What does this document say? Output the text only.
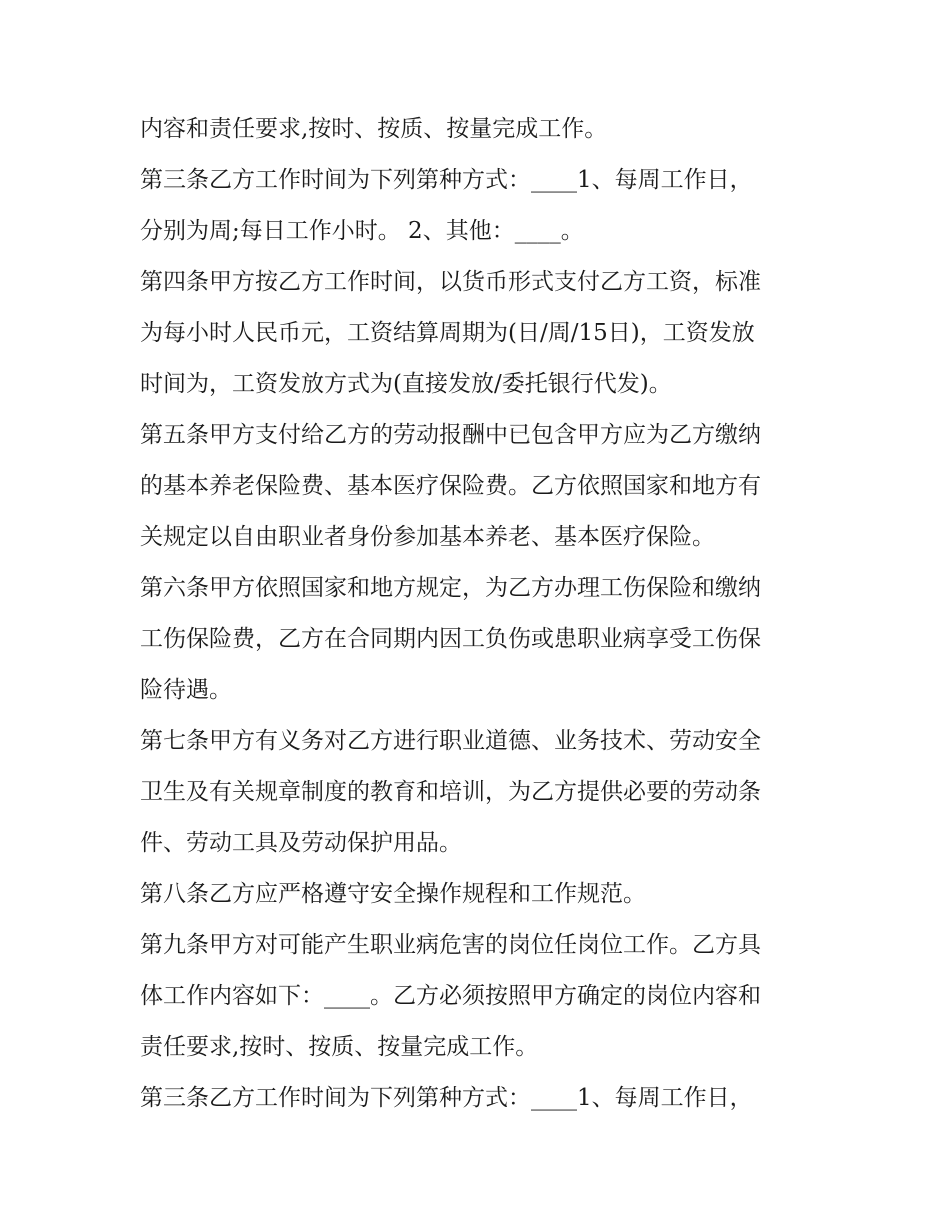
内容和责任要求,按时、按质、按量完成工作。
第三条乙方工作时间为下列第种方式：____1、每周工作日，
分别为周;每日工作小时。 2、其他：____。
第四条甲方按乙方工作时间，以货币形式支付乙方工资，标准
为每小时人民币元，工资结算周期为(日/周/15日)，工资发放
时间为，工资发放方式为(直接发放/委托银行代发)。
第五条甲方支付给乙方的劳动报酬中已包含甲方应为乙方缴纳
的基本养老保险费、基本医疗保险费。乙方依照国家和地方有
关规定以自由职业者身份参加基本养老、基本医疗保险。
第六条甲方依照国家和地方规定，为乙方办理工伤保险和缴纳
工伤保险费，乙方在合同期内因工负伤或患职业病享受工伤保
险待遇。
第七条甲方有义务对乙方进行职业道德、业务技术、劳动安全
卫生及有关规章制度的教育和培训，为乙方提供必要的劳动条
件、劳动工具及劳动保护用品。
第八条乙方应严格遵守安全操作规程和工作规范。
第九条甲方对可能产生职业病危害的岗位任岗位工作。乙方具
体工作内容如下：____。乙方必须按照甲方确定的岗位内容和
责任要求,按时、按质、按量完成工作。
第三条乙方工作时间为下列第种方式：____1、每周工作日，
